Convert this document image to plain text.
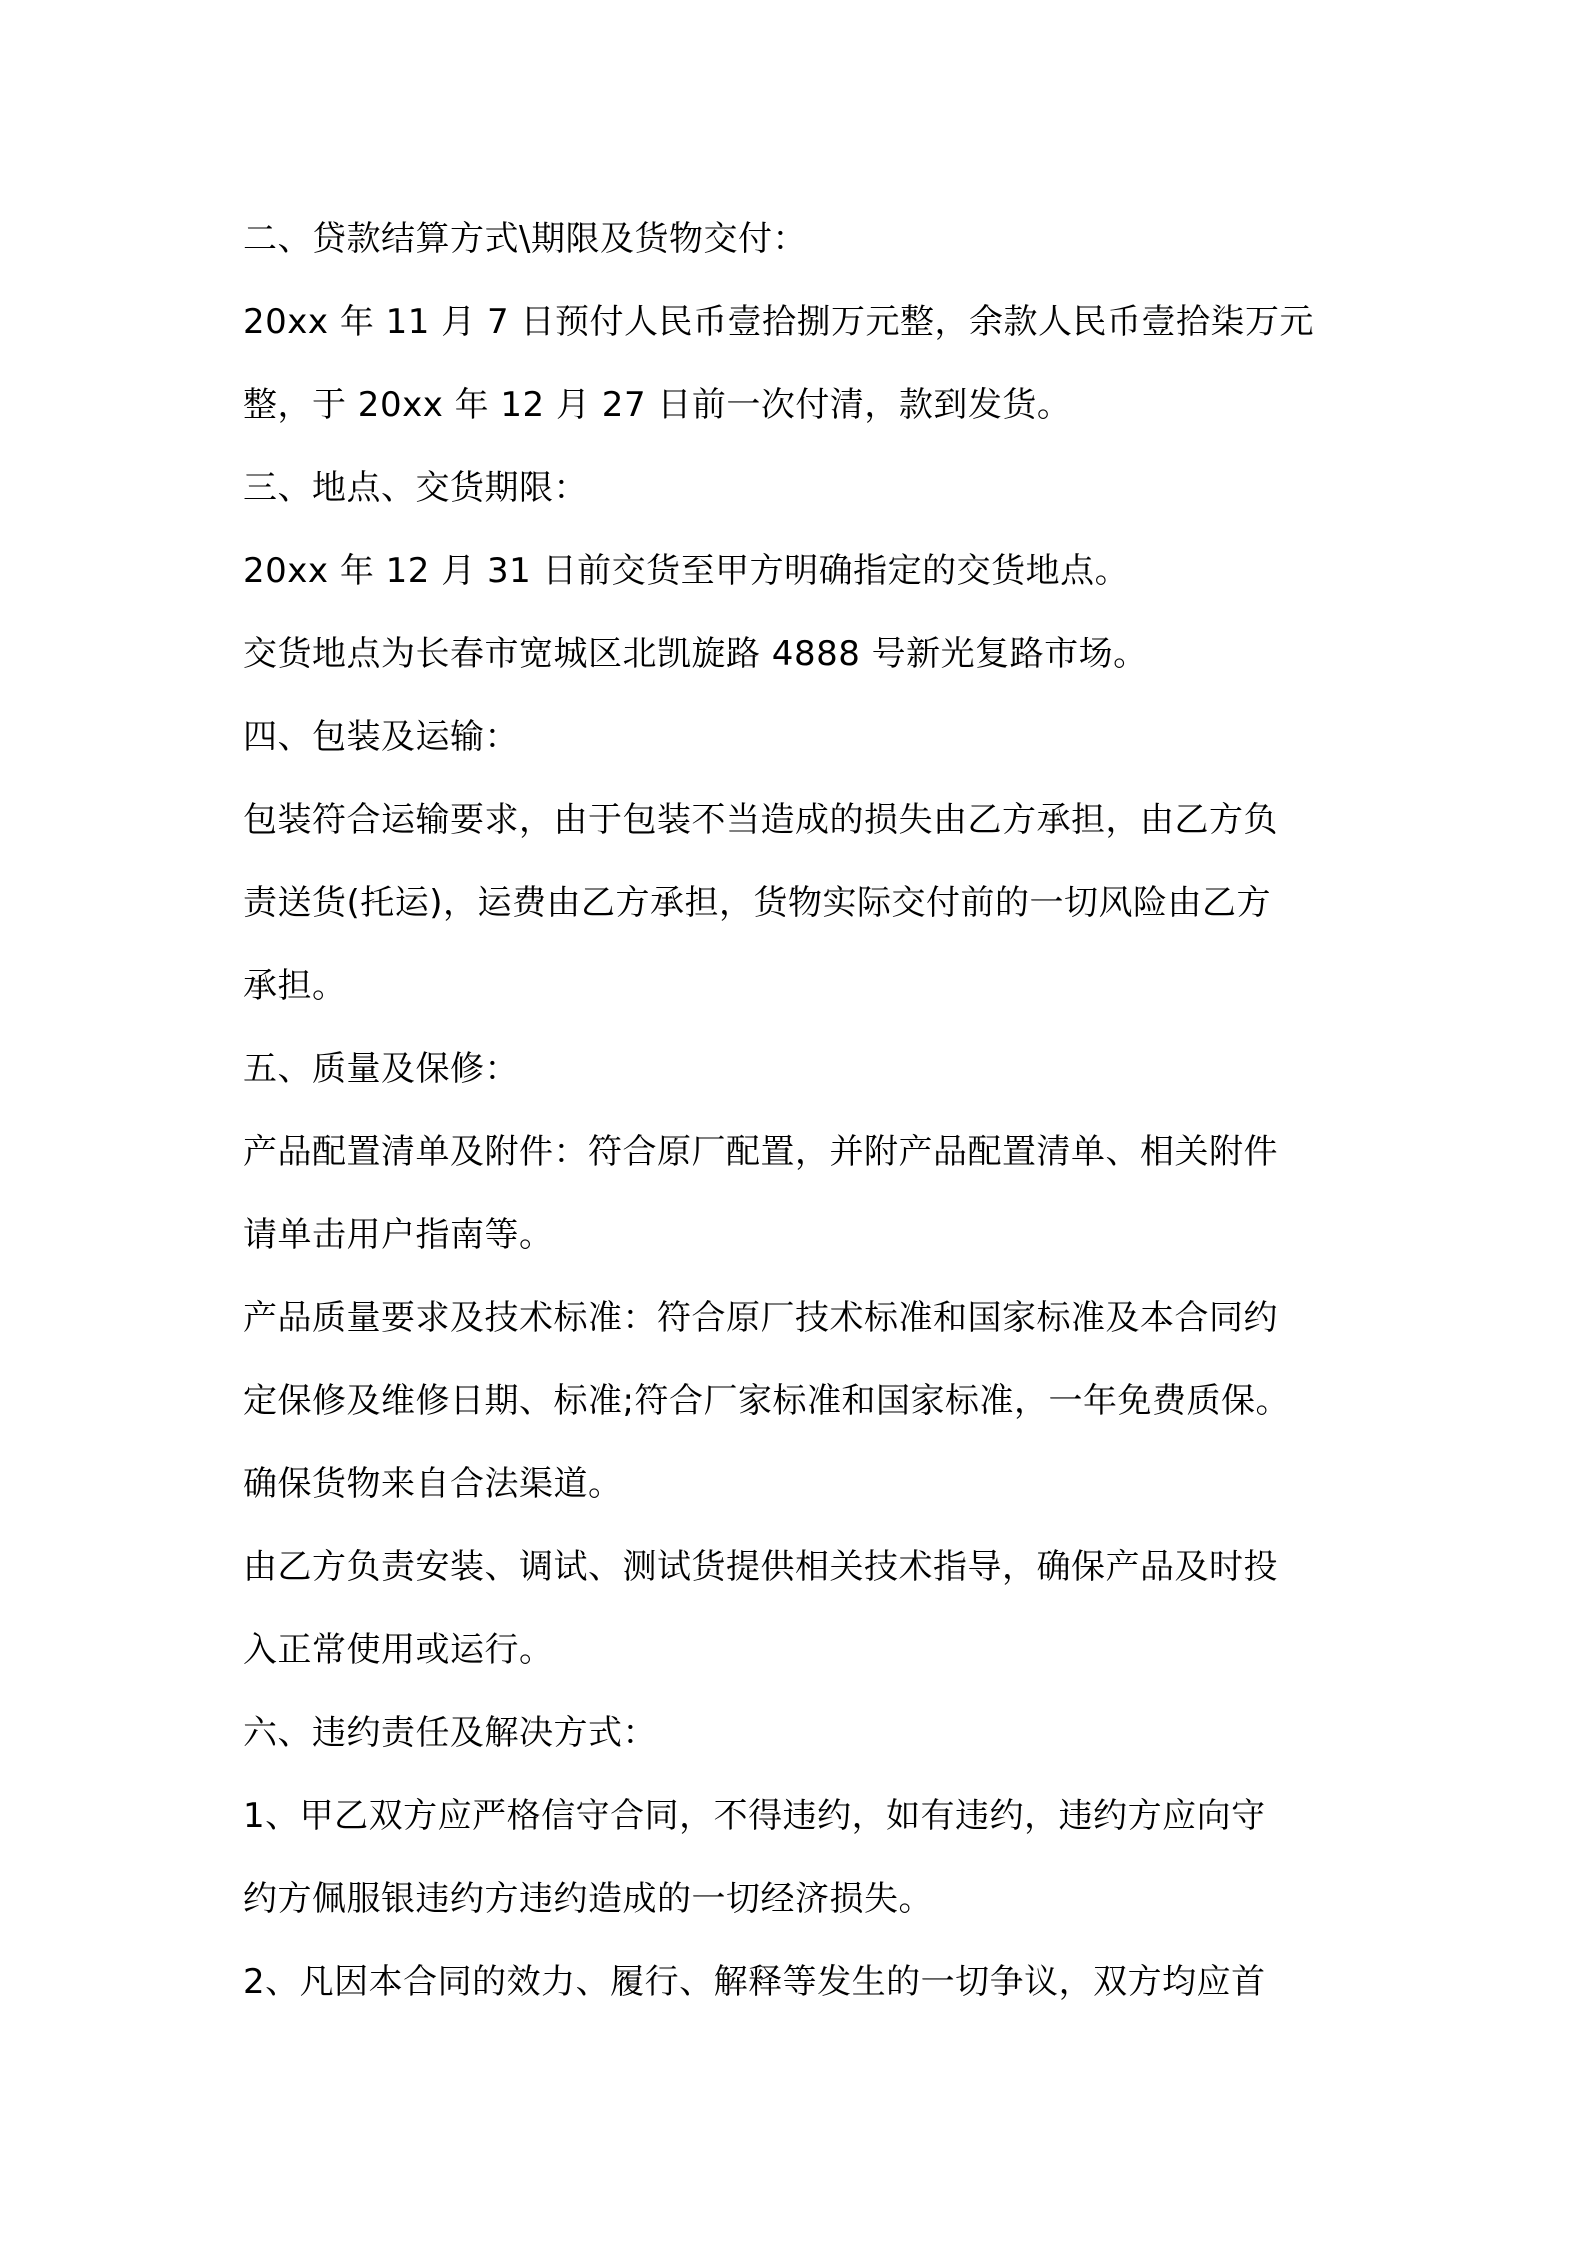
二、贷款结算方式\期限及货物交付：
20xx 年 11 月 7 日预付人民币壹拾捌万元整，余款人民币壹拾柒万元
整，于 20xx 年 12 月 27 日前一次付清，款到发货。
三、地点、交货期限：
20xx 年 12 月 31 日前交货至甲方明确指定的交货地点。
交货地点为长春市宽城区北凯旋路 4888 号新光复路市场。
四、包装及运输：
包装符合运输要求，由于包装不当造成的损失由乙方承担，由乙方负
责送货(托运)，运费由乙方承担，货物实际交付前的一切风险由乙方
承担。
五、质量及保修：
产品配置清单及附件：符合原厂配置，并附产品配置清单、相关附件
请单击用户指南等。
产品质量要求及技术标准：符合原厂技术标准和国家标准及本合同约
定保修及维修日期、标准;符合厂家标准和国家标准，一年免费质保。
确保货物来自合法渠道。
由乙方负责安装、调试、测试货提供相关技术指导，确保产品及时投
入正常使用或运行。
六、违约责任及解决方式：
1、甲乙双方应严格信守合同，不得违约，如有违约，违约方应向守
约方佩服银违约方违约造成的一切经济损失。
2、凡因本合同的效力、履行、解释等发生的一切争议，双方均应首
